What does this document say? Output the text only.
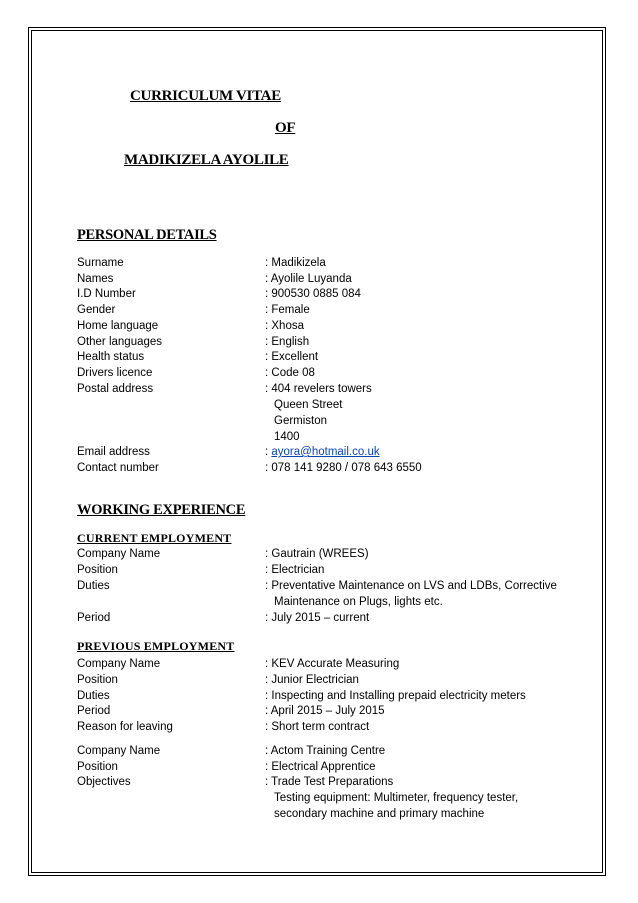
CURRICULUM VITAE
OF
MADIKIZELA AYOLILE
PERSONAL DETAILS
Surname	: Madikizela
Names	: Ayolile Luyanda
I.D Number	: 900530 0885 084
Gender	: Female
Home language	: Xhosa
Other languages	: English
Health status	: Excellent
Drivers licence	: Code 08
Postal address	: 404 revelers towers
Queen Street
Germiston
1400
Email address	: ayora@hotmail.co.uk
Contact number	: 078 141 9280 / 078 643 6550
WORKING EXPERIENCE
CURRENT EMPLOYMENT
Company Name	: Gautrain (WREES)
Position	: Electrician
Duties	: Preventative Maintenance on LVS and LDBs, Corrective
Maintenance on Plugs, lights etc.
Period	: July 2015 – current
PREVIOUS EMPLOYMENT
Company Name	: KEV Accurate Measuring
Position	: Junior Electrician
Duties	: Inspecting and Installing prepaid electricity meters
Period	: April 2015 – July 2015
Reason for leaving	: Short term contract
Company Name	: Actom Training Centre
Position	: Electrical Apprentice
Objectives	: Trade Test Preparations
Testing equipment: Multimeter, frequency tester,
secondary machine and primary machine
